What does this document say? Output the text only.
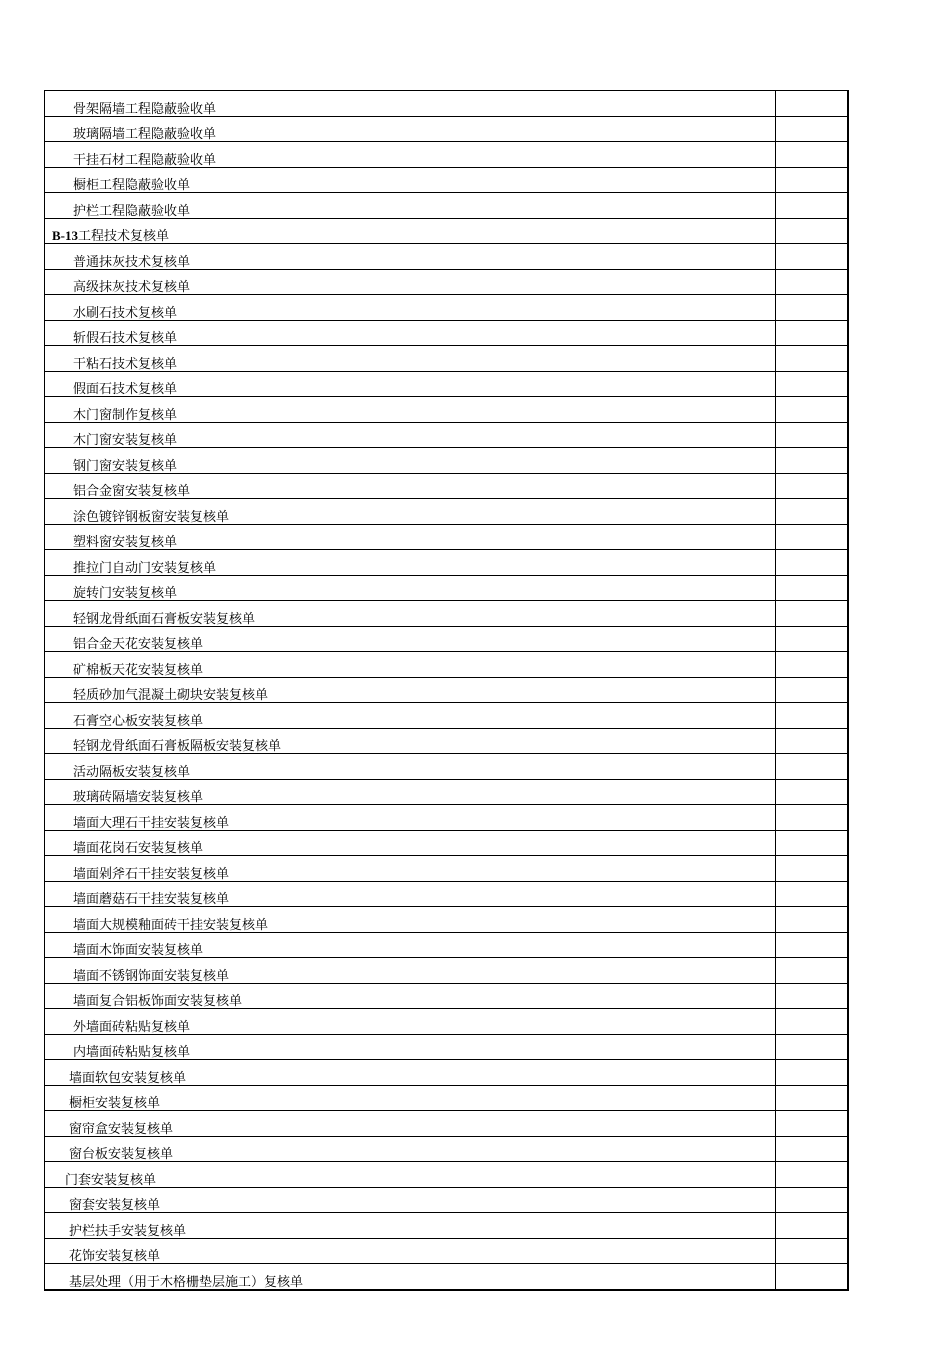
骨架隔墙工程隐蔽验收单	
玻璃隔墙工程隐蔽验收单	
干挂石材工程隐蔽验收单	
橱柜工程隐蔽验收单	
护栏工程隐蔽验收单	
B-13工程技术复核单	
普通抹灰技术复核单	
高级抹灰技术复核单	
水刷石技术复核单	
斩假石技术复核单	
干粘石技术复核单	
假面石技术复核单	
木门窗制作复核单	
木门窗安装复核单	
钢门窗安装复核单	
铝合金窗安装复核单	
涂色镀锌钢板窗安装复核单	
塑料窗安装复核单	
推拉门自动门安装复核单	
旋转门安装复核单	
轻钢龙骨纸面石膏板安装复核单	
铝合金天花安装复核单	
矿棉板天花安装复核单	
轻质砂加气混凝土砌块安装复核单	
石膏空心板安装复核单	
轻钢龙骨纸面石膏板隔板安装复核单	
活动隔板安装复核单	
玻璃砖隔墙安装复核单	
墙面大理石干挂安装复核单	
墙面花岗石安装复核单	
墙面剁斧石干挂安装复核单	
墙面蘑菇石干挂安装复核单	
墙面大规模釉面砖干挂安装复核单	
墙面木饰面安装复核单	
墙面不锈钢饰面安装复核单	
墙面复合铝板饰面安装复核单	
外墙面砖粘贴复核单	
内墙面砖粘贴复核单	
墙面软包安装复核单	
橱柜安装复核单	
窗帘盒安装复核单	
窗台板安装复核单	
门套安装复核单	
窗套安装复核单	
护栏扶手安装复核单	
花饰安装复核单	
基层处理（用于木格栅垫层施工）复核单	
